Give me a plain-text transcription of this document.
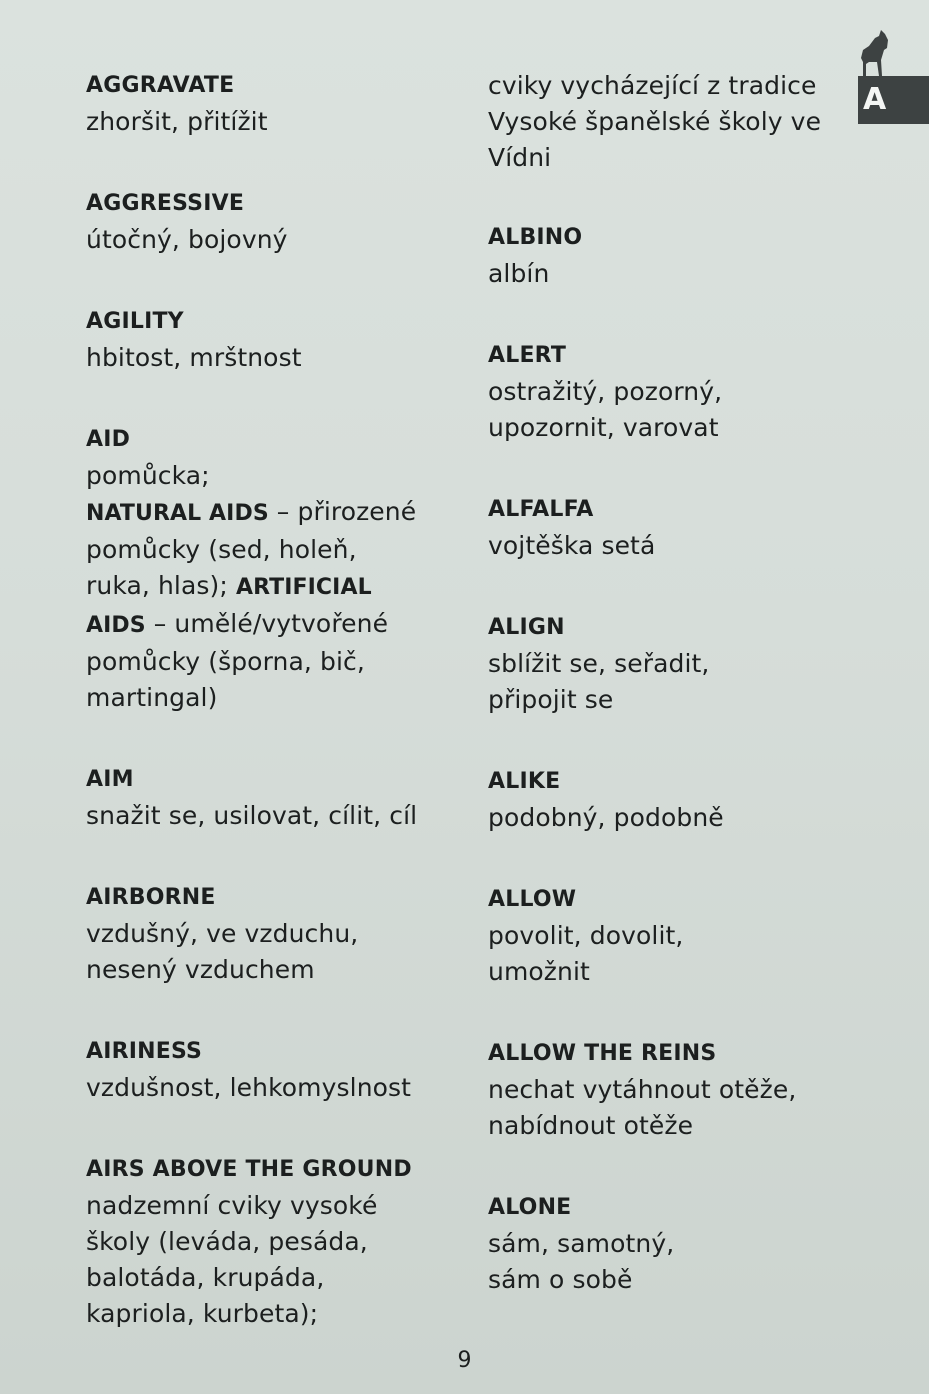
A
AGGRAVATE
zhoršit, přitížit
AGGRESSIVE
útočný, bojovný
AGILITY
hbitost, mrštnost
AID
pomůcka;
NATURAL AIDS – přirozené
pomůcky (sed, holeň,
ruka, hlas); ARTIFICIAL
AIDS – umělé/vytvořené
pomůcky (šporna, bič,
martingal)
AIM
snažit se, usilovat, cílit, cíl
AIRBORNE
vzdušný, ve vzduchu,
nesený vzduchem
AIRINESS
vzdušnost, lehkomyslnost
AIRS ABOVE THE GROUND
nadzemní cviky vysoké
školy (leváda, pesáda,
balotáda, krupáda,
kapriola, kurbeta);
cviky vycházející z tradice
Vysoké španělské školy ve
Vídni
ALBINO
albín
ALERT
ostražitý, pozorný,
upozornit, varovat
ALFALFA
vojtěška setá
ALIGN
sblížit se, seřadit,
připojit se
ALIKE
podobný, podobně
ALLOW
povolit, dovolit,
umožnit
ALLOW THE REINS
nechat vytáhnout otěže,
nabídnout otěže
ALONE
sám, samotný,
sám o sobě
9
